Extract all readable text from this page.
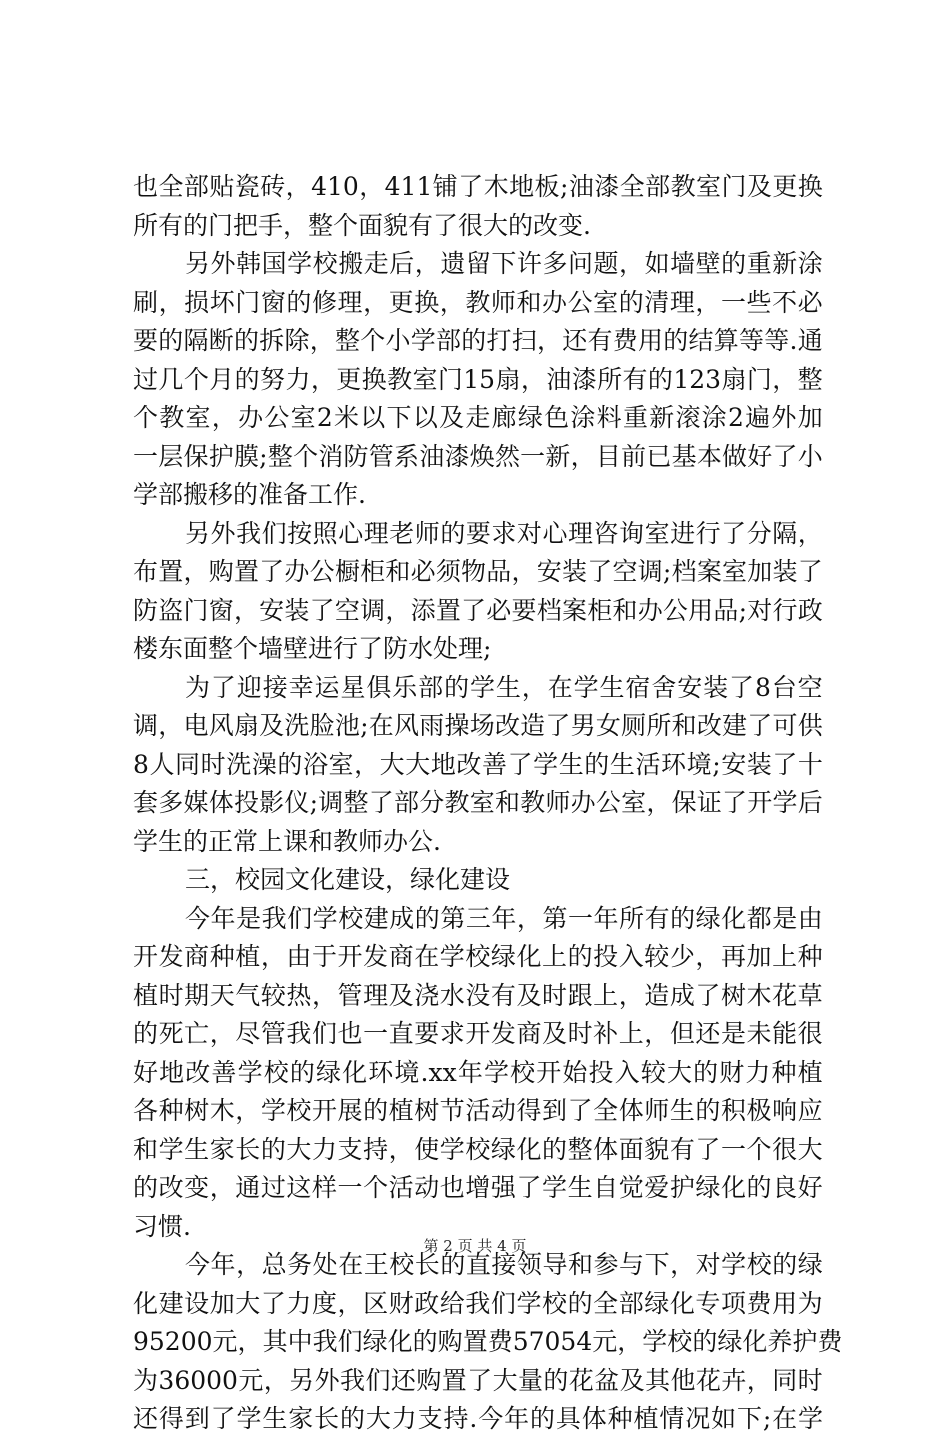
也 全 部 贴 瓷 砖 ， 410 ， 411 铺 了 木 地 板 ; 油 漆 全 部 教 室 门 及 更 换
所有的门把手，整个面貌有了很大的改变.
另 外 韩 国 学 校 搬 走 后 ， 遗 留 下 许 多 问 题 ， 如 墙 壁 的 重 新 涂
刷 ， 损 坏 门 窗 的 修 理 ， 更 换 ， 教 师 和 办 公 室 的 清 理 ， 一 些 不 必
要 的 隔 断 的 拆 除 ， 整 个 小 学 部 的 打 扫 ， 还 有 费 用 的 结 算 等 等 . 通
过 几 个 月 的 努 力 ， 更 换 教 室 门 15 扇 ， 油 漆 所 有 的 123 扇 门 ， 整
个 教 室 ， 办 公 室 2 米 以 下 以 及 走 廊 绿 色 涂 料 重 新 滚 涂 2 遍 外 加
一 层 保 护 膜 ; 整 个 消 防 管 系 油 漆 焕 然 一 新 ， 目 前 已 基 本 做 好 了 小
学部搬移的准备工作.
另 外 我 们 按 照 心 理 老 师 的 要 求 对 心 理 咨 询 室 进 行 了 分 隔 ，
布 置 ， 购 置 了 办 公 橱 柜 和 必 须 物 品 ， 安 装 了 空 调 ; 档 案 室 加 装 了
防 盗 门 窗 ， 安 装 了 空 调 ， 添 置 了 必 要 档 案 柜 和 办 公 用 品 ; 对 行 政
楼东面整个墙壁进行了防水处理;
为 了 迎 接 幸 运 星 俱 乐 部 的 学 生 ， 在 学 生 宿 舍 安 装 了 8 台 空
调 ， 电 风 扇 及 洗 脸 池 ; 在 风 雨 操 场 改 造 了 男 女 厕 所 和 改 建 了 可 供
8 人 同 时 洗 澡 的 浴 室 ， 大 大 地 改 善 了 学 生 的 生 活 环 境 ; 安 装 了 十
套 多 媒 体 投 影 仪 ; 调 整 了 部 分 教 室 和 教 师 办 公 室 ， 保 证 了 开 学 后
学生的正常上课和教师办公.
三，校园文化建设，绿化建设
今 年 是 我 们 学 校 建 成 的 第 三 年 ， 第 一 年 所 有 的 绿 化 都 是 由
开 发 商 种 植 ， 由 于 开 发 商 在 学 校 绿 化 上 的 投 入 较 少 ， 再 加 上 种
植 时 期 天 气 较 热 ， 管 理 及 浇 水 没 有 及 时 跟 上 ， 造 成 了 树 木 花 草
的 死 亡 ， 尽 管 我 们 也 一 直 要 求 开 发 商 及 时 补 上 ， 但 还 是 未 能 很
好 地 改 善 学 校 的 绿 化 环 境 .xx 年 学 校 开 始 投 入 较 大 的 财 力 种 植
各 种 树 木 ， 学 校 开 展 的 植 树 节 活 动 得 到 了 全 体 师 生 的 积 极 响 应
和 学 生 家 长 的 大 力 支 持 ， 使 学 校 绿 化 的 整 体 面 貌 有 了 一 个 很 大
的 改 变 ， 通 过 这 样 一 个 活 动 也 增 强 了 学 生 自 觉 爱 护 绿 化 的 良 好
习惯.
今 年 ， 总 务 处 在 王 校 长 的 直 接 领 导 和 参 与 下 ， 对 学 校 的 绿
化 建 设 加 大 了 力 度 ， 区 财 政 给 我 们 学 校 的 全 部 绿 化 专 项 费 用 为
95200 元 ， 其 中 我 们 绿 化 的 购 置 费 57054 元 ， 学 校 的 绿 化 养 护 费
为 36000 元 ， 另 外 我 们 还 购 置 了 大 量 的 花 盆 及 其 他 花 卉 ， 同 时
还 得 到 了 学 生 家 长 的 大 力 支 持 . 今 年 的 具 体 种 植 情 况 如 下 ; 在 学
第 2 页 共 4 页
